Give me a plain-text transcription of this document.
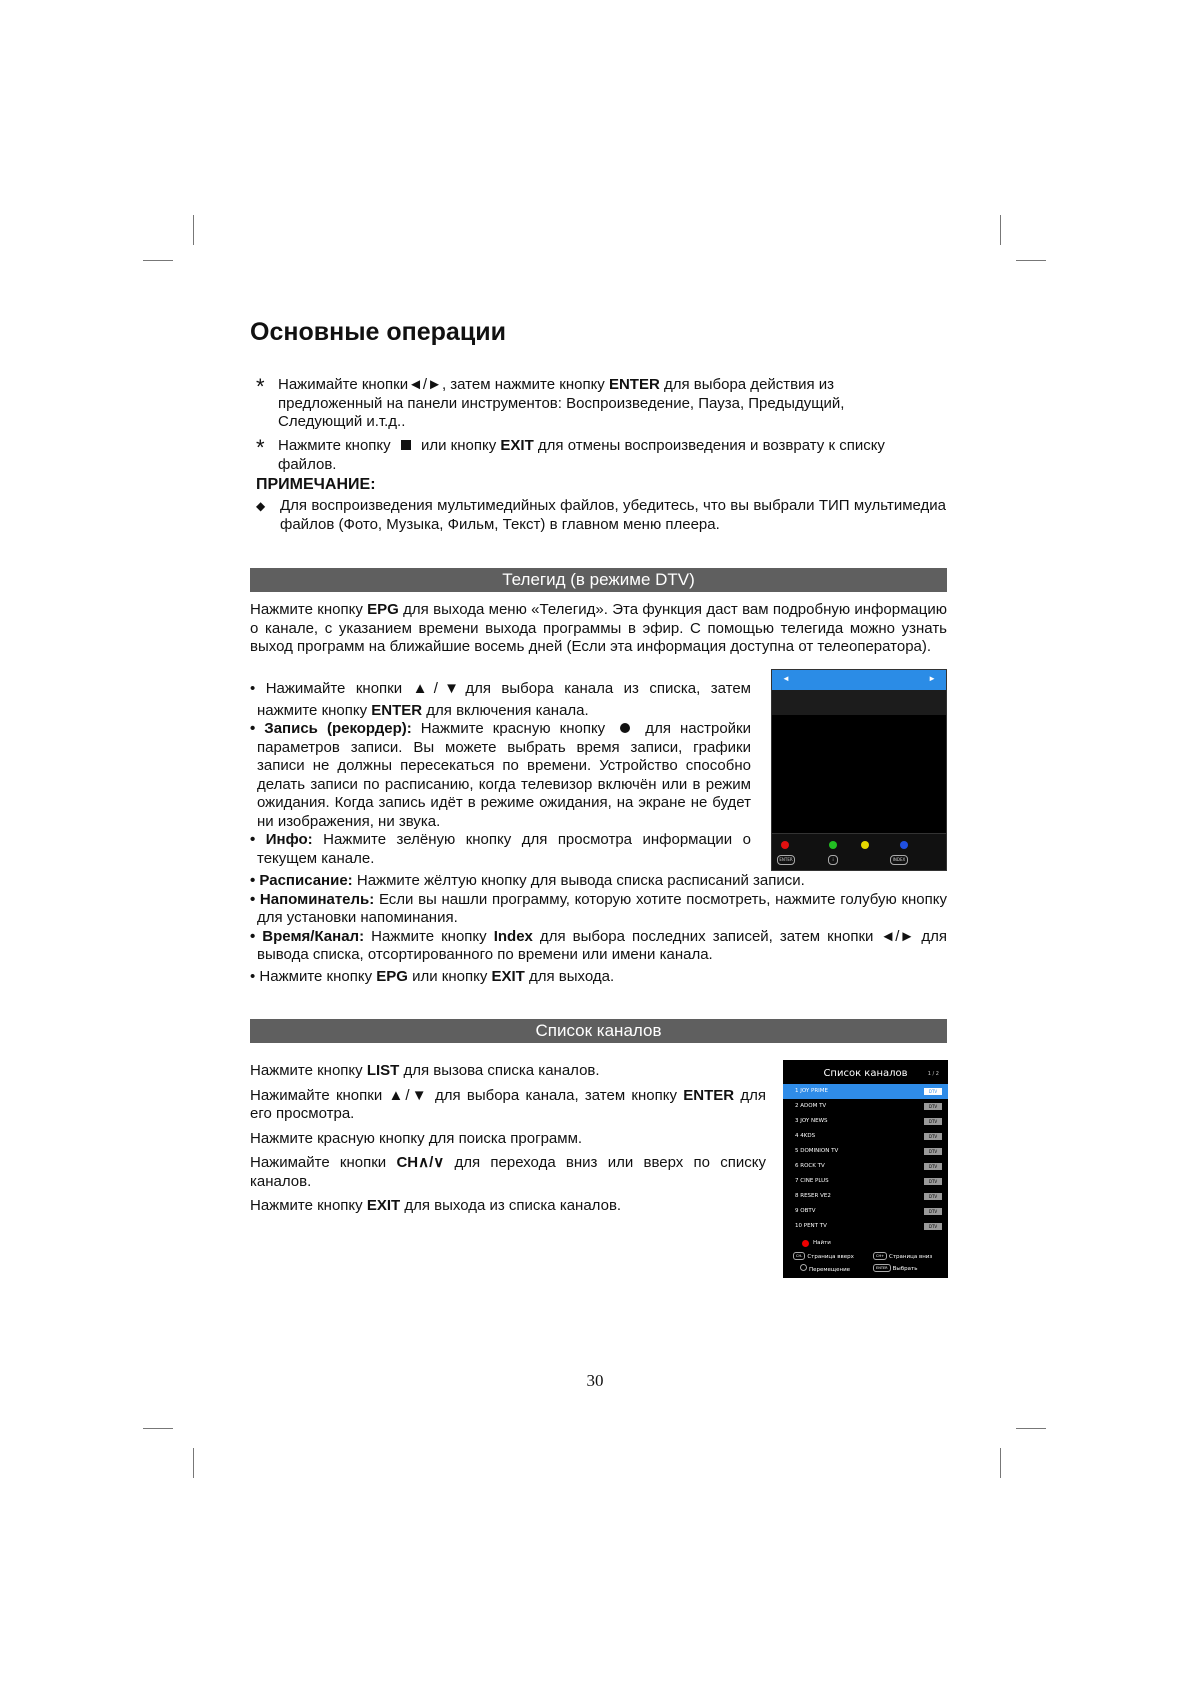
Основные операции
* Нажимайте кнопки◄/►, затем нажмите кнопку ENTER для выбора действия из
предложенный на панели инструментов: Воспроизведение, Пауза, Предыдущий,
Следующий и.т.д..
* Нажмите кнопку  или кнопку EXIT для отмены воспроизведения и возврату к списку
файлов.
ПРИМЕЧАНИЕ:
◆ Для воспроизведения мультимедийных файлов, убедитесь, что вы выбрали ТИП мультимедиа файлов (Фото, Музыка, Фильм, Текст) в главном меню плеера.
Телегид (в режиме DTV)
Нажмите кнопку EPG для выхода меню «Телегид». Эта функция даст вам подробную информацию о канале, с указанием времени выхода программы в эфир. С помощью телегида можно узнать выход программ на ближайшие восемь дней (Если эта информация доступна от телеоператора).
• Нажимайте кнопки ▲/▼для выбора канала из списка, затем
нажмите кнопку ENTER для включения канала.
• Запись (рекордер): Нажмите красную кнопку  для настройки параметров записи. Вы можете выбрать время записи, графики записи не должны пересекаться по времени. Устройство способно делать записи по расписанию, когда телевизор включён или в режим ожидания. Когда запись идёт в режиме ожидания, на экране не будет ни изображения, ни звука.
• Инфо: Нажмите зелёную кнопку для просмотра информации о текущем канале.
• Расписание: Нажмите жёлтую кнопку для вывода списка расписаний записи.
• Напоминатель: Если вы нашли программу, которую хотите посмотреть, нажмите голубую кнопку для установки напоминания.
• Время/Канал: Нажмите кнопку Index для выбора последних записей, затем кнопки ◄/► для вывода списка, отсортированного по времени или имени канала.
• Нажмите кнопку EPG или кнопку EXIT для выхода.
◄	►
ENTER	i	INDEX
Список каналов
Нажмите кнопку LIST для вызова списка каналов.
Нажимайте кнопки ▲/▼ для выбора канала, затем кнопку ENTER для его просмотра.
Нажмите красную кнопку для поиска программ.
Нажимайте кнопки CH∧/∨ для перехода вниз или вверх по списку каналов.
Нажмите кнопку EXIT для выхода из списка каналов.
Список каналов	1 / 2
1 JOY PRIME	DTV
2 ADOM TV	DTV
3 JOY NEWS	DTV
4 4KDS	DTV
5 DOMINION TV	DTV
6 ROCK TV	DTV
7 CINE PLUS	DTV
8 RESER VE2	DTV
9 OBTV	DTV
10 PENT TV	DTV
Найти
CH- Страница вверх	CH+ Страница вниз
Перемещение	ENTER Выбрать
30
